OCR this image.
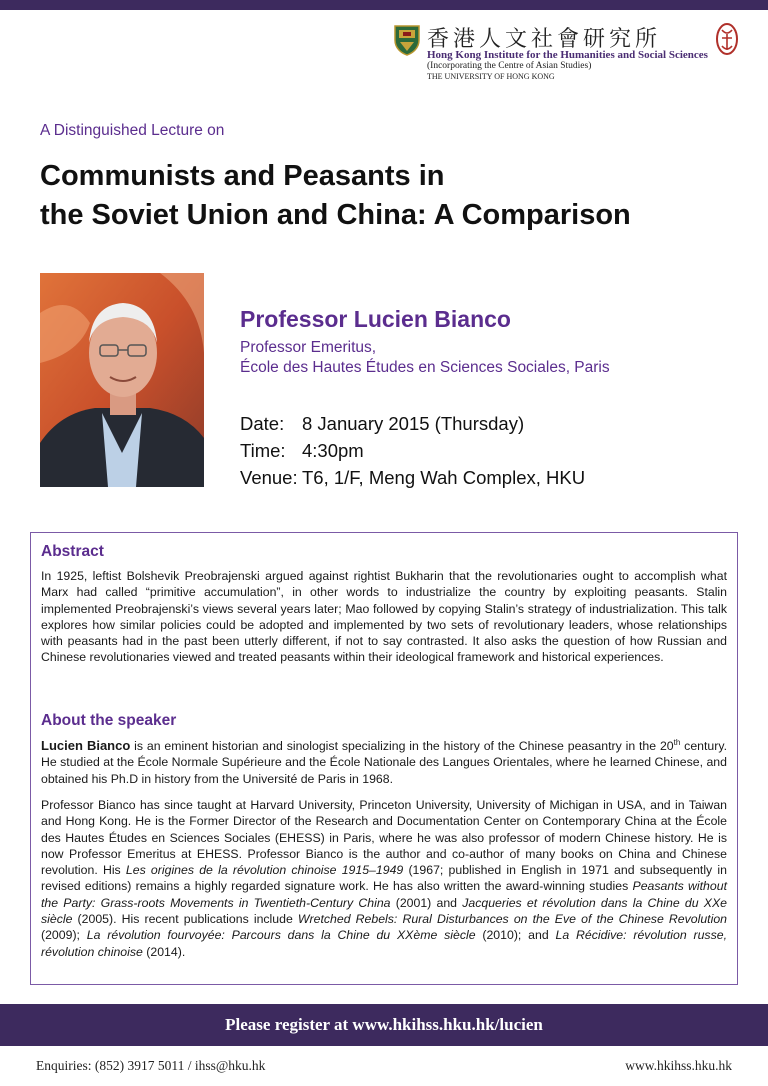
香港人文社會研究所
Hong Kong Institute for the Humanities and Social Sciences
(Incorporating the Centre of Asian Studies)
THE UNIVERSITY OF HONG KONG
A Distinguished Lecture on
Communists and Peasants in
the Soviet Union and China: A Comparison
Professor Lucien Bianco
Professor Emeritus,
École des Hautes Études en Sciences Sociales, Paris
Date: 8 January 2015 (Thursday)
Time: 4:30pm
Venue: T6, 1/F, Meng Wah Complex, HKU
Abstract
In 1925, leftist Bolshevik Preobrajenski argued against rightist Bukharin that the revolutionaries ought to accomplish what Marx had called “primitive accumulation”, in other words to industrialize the country by exploiting peasants. Stalin implemented Preobrajenski’s views several years later; Mao followed by copying Stalin’s strategy of industrialization. This talk explores how similar policies could be adopted and implemented by two sets of revolutionary leaders, whose relationships with peasants had in the past been utterly different, if not to say contrasted. It also asks the question of how Russian and Chinese revolutionaries viewed and treated peasants within their ideological framework and historical experiences.
About the speaker
Lucien Bianco is an eminent historian and sinologist specializing in the history of the Chinese peasantry in the 20th century. He studied at the École Normale Supérieure and the École Nationale des Langues Orientales, where he learned Chinese, and obtained his Ph.D in history from the Université de Paris in 1968.
Professor Bianco has since taught at Harvard University, Princeton University, University of Michigan in USA, and in Taiwan and Hong Kong. He is the Former Director of the Research and Documentation Center on Contemporary China at the École des Hautes Études en Sciences Sociales (EHESS) in Paris, where he was also professor of modern Chinese history. He is now Professor Emeritus at EHESS. Professor Bianco is the author and co-author of many books on China and Chinese revolution. His Les origines de la révolution chinoise 1915–1949 (1967; published in English in 1971 and subsequently in revised editions) remains a highly regarded signature work. He has also written the award-winning studies Peasants without the Party: Grass-roots Movements in Twentieth-Century China (2001) and Jacqueries et révolution dans la Chine du XXe siècle (2005). His recent publications include Wretched Rebels: Rural Disturbances on the Eve of the Chinese Revolution (2009); La révolution fourvoyée: Parcours dans la Chine du XXème siècle (2010); and La Récidive: révolution russe, révolution chinoise (2014).
Please register at www.hkihss.hku.hk/lucien
Enquiries: (852) 3917 5011 / ihss@hku.hk	www.hkihss.hku.hk
